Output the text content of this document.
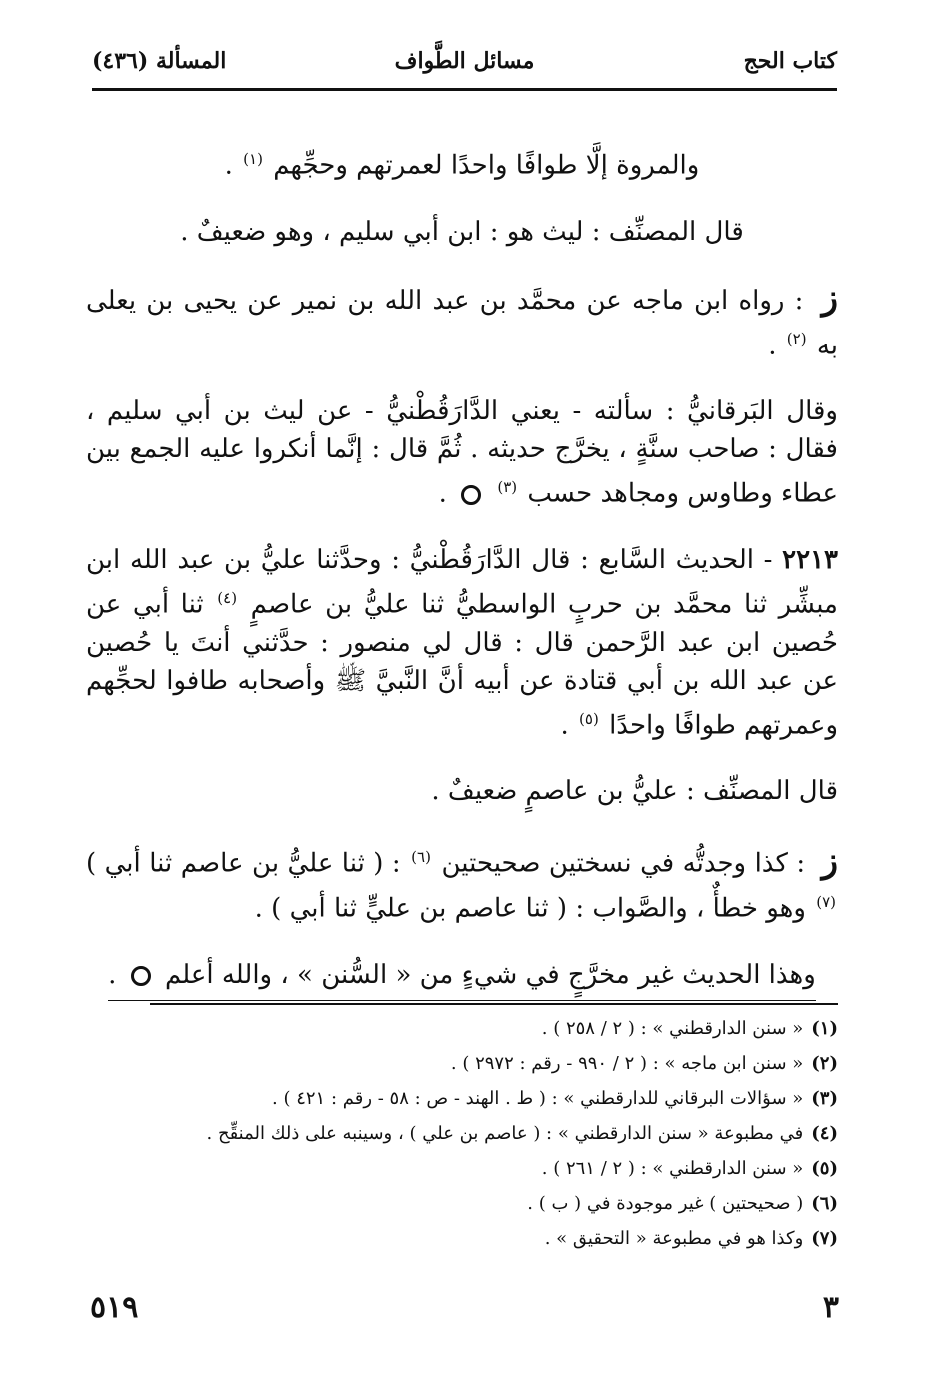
كتاب الحج
مسائل الطَّواف
المسألة (٤٣٦)

والمروة إلَّا طوافًا واحدًا لعمرتهم وحجِّهم $^{(١)}$ .

قال المصنِّف : ليث هو : ابن أبي سليم ، وهو ضعيفٌ .

ز : رواه ابن ماجه عن محمَّد بن عبد الله بن نمير عن يحيى بن يعلى به $^{(٢)}$ .

وقال البَرقانيُّ : سألته - يعني الدَّارَقُطْنيُّ - عن ليث بن أبي سليم ، فقال : صاحب سنَّةٍ ، يخرَّج حديثه . ثُمَّ قال : إنَّما أنكروا عليه الجمع بين عطاء وطاوس ومجاهد حسب $^{(٣)}$  .

٢٢١٣ - الحديث السَّابع : قال الدَّارَقُطْنيُّ : وحدَّثنا عليُّ بن عبد الله ابن مبشِّر ثنا محمَّد بن حربٍ الواسطيُّ ثنا عليُّ بن عاصمٍ $^{(٤)}$ ثنا أبي عن حُصين ابن عبد الرَّحمن قال : قال لي منصور : حدَّثني أنتَ يا حُصين عن عبد الله بن أبي قتادة عن أبيه أنَّ النَّبيَّ ﷺ وأصحابه طافوا لحجِّهم وعمرتهم طوافًا واحدًا $^{(٥)}$ .

قال المصنِّف : عليُّ بن عاصمٍ ضعيفٌ .

ز : كذا وجدتُّه في نسختين صحيحتين $^{(٦)}$ : ( ثنا عليُّ بن عاصم ثنا أبي ) $^{(٧)}$ وهو خطأٌ ، والصَّواب : ( ثنا عاصم بن عليٍّ ثنا أبي ) .

وهذا الحديث غير مخرَّجٍ في شيءٍ من « السُّنن » ، والله أعلم  .

(١)« سنن الدارقطني » : ( ٢ / ٢٥٨ ) .
(٢)« سنن ابن ماجه » : ( ٢ / ٩٩٠ - رقم : ٢٩٧٢ ) .
(٣)« سؤالات البرقاني للدارقطني » : ( ط . الهند - ص : ٥٨ - رقم : ٤٢١ ) .
(٤)في مطبوعة « سنن الدارقطني » : ( عاصم بن علي ) ، وسينبه على ذلك المنقِّح .
(٥)« سنن الدارقطني » : ( ٢ / ٢٦١ ) .
(٦)( صحيحتين ) غير موجودة في ( ب ) .
(٧)وكذا هو في مطبوعة « التحقيق » .
٣
٥١٩
